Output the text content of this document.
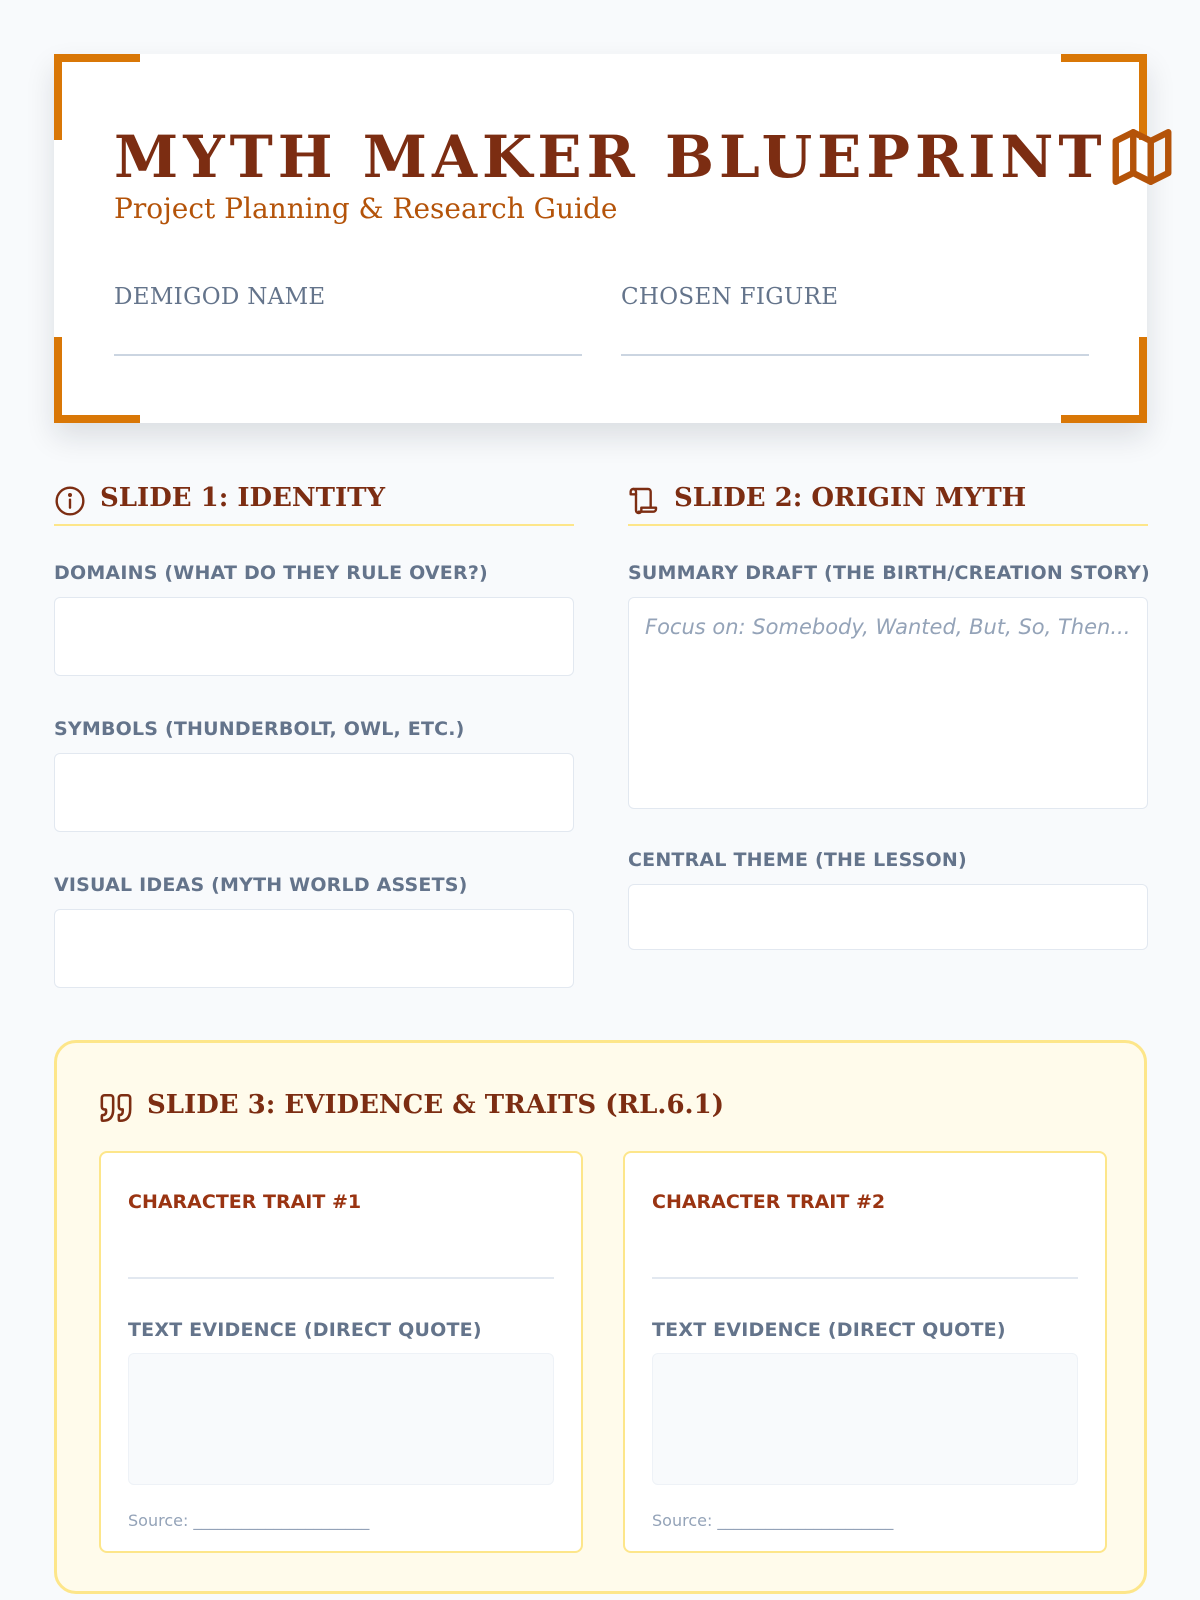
MYTH MAKER BLUEPRINT
Project Planning & Research Guide
DEMIGOD NAME	CHOSEN FIGURE
SLIDE 1: IDENTITY
DOMAINS (WHAT DO THEY RULE OVER?)
SYMBOLS (THUNDERBOLT, OWL, ETC.)
VISUAL IDEAS (MYTH WORLD ASSETS)
SLIDE 2: ORIGIN MYTH
SUMMARY DRAFT (THE BIRTH/CREATION STORY)
Focus on: Somebody, Wanted, But, So, Then...
CENTRAL THEME (THE LESSON)
SLIDE 3: EVIDENCE & TRAITS (RL.6.1)
CHARACTER TRAIT #1
TEXT EVIDENCE (DIRECT QUOTE)
Source: ______________________
CHARACTER TRAIT #2
TEXT EVIDENCE (DIRECT QUOTE)
Source: ______________________
